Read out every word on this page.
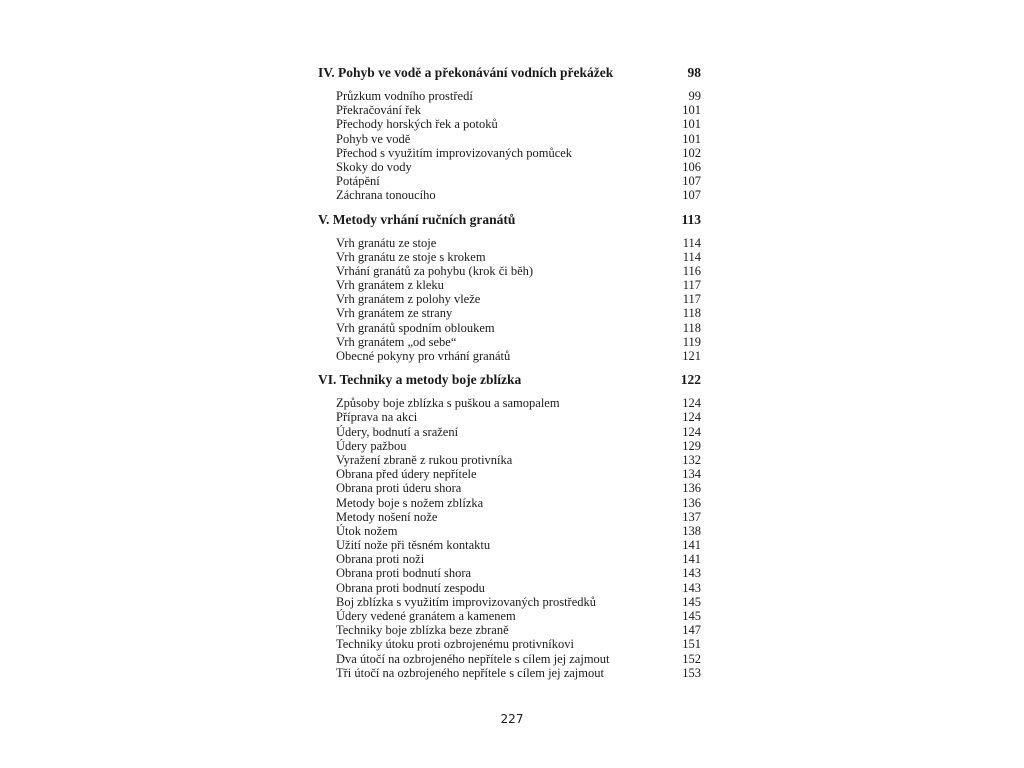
IV. Pohyb ve vodě a překonávání vodních překážek	98
Průzkum vodního prostředí	99
Překračování řek	101
Přechody horských řek a potoků	101
Pohyb ve vodě	101
Přechod s využitím improvizovaných pomůcek	102
Skoky do vody	106
Potápění	107
Záchrana tonoucího	107
V. Metody vrhání ručních granátů	113
Vrh granátu ze stoje	114
Vrh granátu ze stoje s krokem	114
Vrhání granátů za pohybu (krok či běh)	116
Vrh granátem z kleku	117
Vrh granátem z polohy vleže	117
Vrh granátem ze strany	118
Vrh granátů spodním obloukem	118
Vrh granátem „od sebe“	119
Obecné pokyny pro vrhání granátů	121
VI. Techniky a metody boje zblízka	122
Způsoby boje zblízka s puškou a samopalem	124
Příprava na akci	124
Údery, bodnutí a sražení	124
Údery pažbou	129
Vyražení zbraně z rukou protivníka	132
Obrana před údery nepřítele	134
Obrana proti úderu shora	136
Metody boje s nožem zblízka	136
Metody nošení nože	137
Útok nožem	138
Užití nože při těsném kontaktu	141
Obrana proti noži	141
Obrana proti bodnutí shora	143
Obrana proti bodnutí zespodu	143
Boj zblízka s využitím improvizovaných prostředků	145
Údery vedené granátem a kamenem	145
Techniky boje zblízka beze zbraně	147
Techniky útoku proti ozbrojenému protivníkovi	151
Dva útočí na ozbrojeného nepřítele s cílem jej zajmout	152
Tři útočí na ozbrojeného nepřítele s cílem jej zajmout	153
227
